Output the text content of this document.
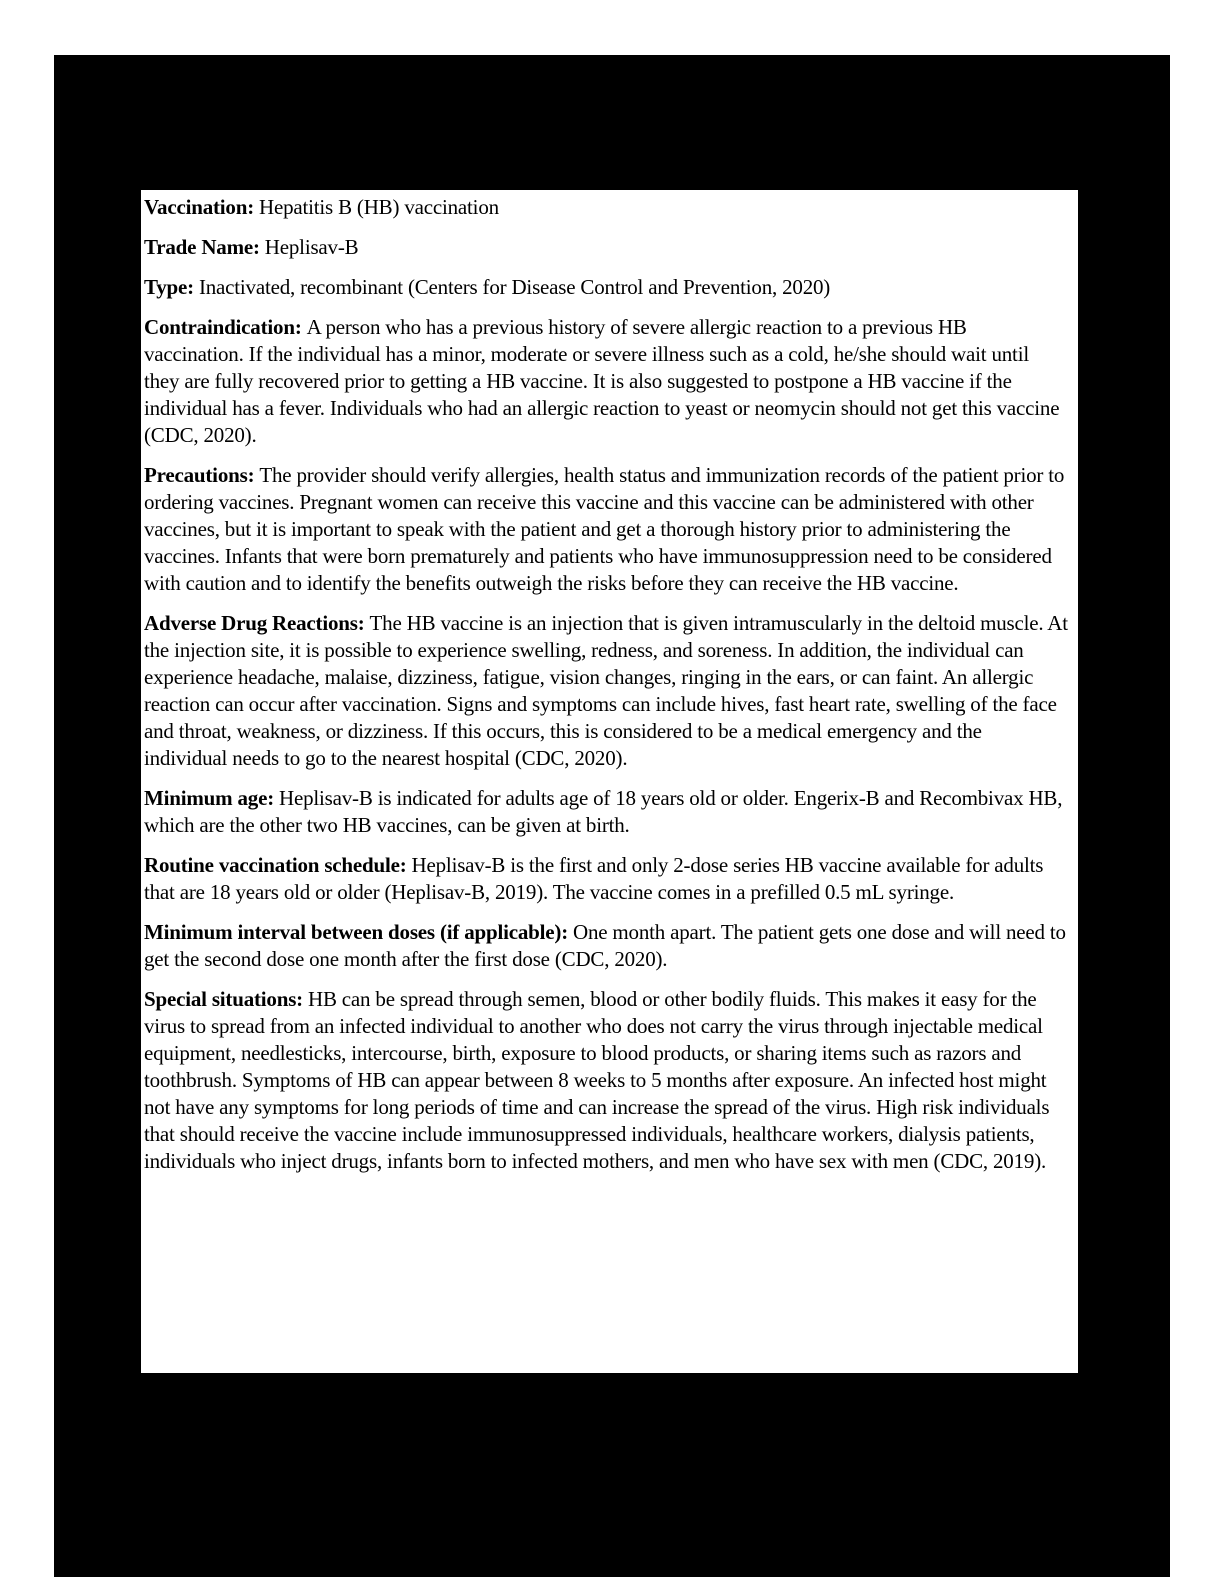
Vaccination: Hepatitis B (HB) vaccination

Trade Name: Heplisav-B

Type: Inactivated, recombinant (Centers for Disease Control and Prevention, 2020)

Contraindication: A person who has a previous history of severe allergic reaction to a previous HB vaccination. If the individual has a minor, moderate or severe illness such as a cold, he/she should wait until they are fully recovered prior to getting a HB vaccine. It is also suggested to postpone a HB vaccine if the individual has a fever. Individuals who had an allergic reaction to yeast or neomycin should not get this vaccine (CDC, 2020).

Precautions: The provider should verify allergies, health status and immunization records of the patient prior to ordering vaccines. Pregnant women can receive this vaccine and this vaccine can be administered with other vaccines, but it is important to speak with the patient and get a thorough history prior to administering the vaccines. Infants that were born prematurely and patients who have immunosuppression need to be considered with caution and to identify the benefits outweigh the risks before they can receive the HB vaccine.

Adverse Drug Reactions: The HB vaccine is an injection that is given intramuscularly in the deltoid muscle. At the injection site, it is possible to experience swelling, redness, and soreness. In addition, the individual can experience headache, malaise, dizziness, fatigue, vision changes, ringing in the ears, or can faint. An allergic reaction can occur after vaccination. Signs and symptoms can include hives, fast heart rate, swelling of the face and throat, weakness, or dizziness. If this occurs, this is considered to be a medical emergency and the individual needs to go to the nearest hospital (CDC, 2020).

Minimum age: Heplisav-B is indicated for adults age of 18 years old or older. Engerix-B and Recombivax HB, which are the other two HB vaccines, can be given at birth.

Routine vaccination schedule: Heplisav-B is the first and only 2-dose series HB vaccine available for adults that are 18 years old or older (Heplisav-B, 2019). The vaccine comes in a prefilled 0.5 mL syringe.

Minimum interval between doses (if applicable): One month apart. The patient gets one dose and will need to get the second dose one month after the first dose (CDC, 2020).

Special situations: HB can be spread through semen, blood or other bodily fluids. This makes it easy for the virus to spread from an infected individual to another who does not carry the virus through injectable medical equipment, needlesticks, intercourse, birth, exposure to blood products, or sharing items such as razors and toothbrush. Symptoms of HB can appear between 8 weeks to 5 months after exposure. An infected host might not have any symptoms for long periods of time and can increase the spread of the virus. High risk individuals that should receive the vaccine include immunosuppressed individuals, healthcare workers, dialysis patients, individuals who inject drugs, infants born to infected mothers, and men who have sex with men (CDC, 2019).
